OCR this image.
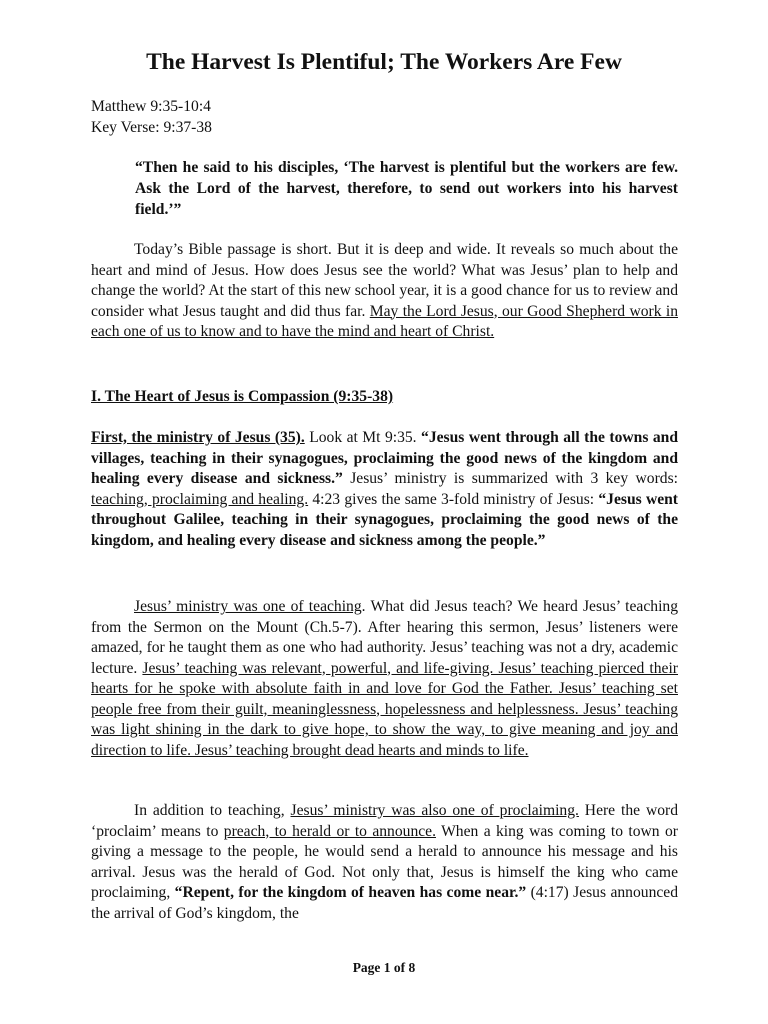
The Harvest Is Plentiful; The Workers Are Few
Matthew 9:35-10:4
Key Verse: 9:37-38

“Then he said to his disciples, ‘The harvest is plentiful but the workers are few. Ask the Lord of the harvest, therefore, to send out workers into his harvest field.’”

Today’s Bible passage is short. But it is deep and wide. It reveals so much about the heart and mind of Jesus. How does Jesus see the world? What was Jesus’ plan to help and change the world? At the start of this new school year, it is a good chance for us to review and consider what Jesus taught and did thus far. May the Lord Jesus, our Good Shepherd work in each one of us to know and to have the mind and heart of Christ.

I. The Heart of Jesus is Compassion (9:35-38)

First, the ministry of Jesus (35). Look at Mt 9:35. “Jesus went through all the towns and villages, teaching in their synagogues, proclaiming the good news of the kingdom and healing every disease and sickness.” Jesus’ ministry is summarized with 3 key words: teaching, proclaiming and healing. 4:23 gives the same 3-fold ministry of Jesus: “Jesus went throughout Galilee, teaching in their synagogues, proclaiming the good news of the kingdom, and healing every disease and sickness among the people.”

Jesus’ ministry was one of teaching. What did Jesus teach? We heard Jesus’ teaching from the Sermon on the Mount (Ch.5-7). After hearing this sermon, Jesus’ listeners were amazed, for he taught them as one who had authority. Jesus’ teaching was not a dry, academic lecture. Jesus’ teaching was relevant, powerful, and life-giving. Jesus’ teaching pierced their hearts for he spoke with absolute faith in and love for God the Father. Jesus’ teaching set people free from their guilt, meaninglessness, hopelessness and helplessness. Jesus’ teaching was light shining in the dark to give hope, to show the way, to give meaning and joy and direction to life. Jesus’ teaching brought dead hearts and minds to life.

In addition to teaching, Jesus’ ministry was also one of proclaiming. Here the word ‘proclaim’ means to preach, to herald or to announce. When a king was coming to town or giving a message to the people, he would send a herald to announce his message and his arrival. Jesus was the herald of God. Not only that, Jesus is himself the king who came proclaiming, “Repent, for the kingdom of heaven has come near.” (4:17) Jesus announced the arrival of God’s kingdom, the

Page 1 of 8
